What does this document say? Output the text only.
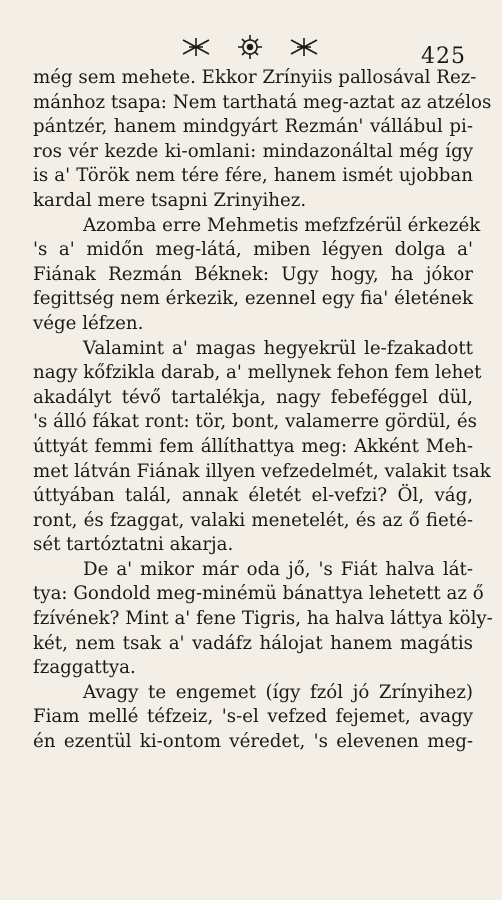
425
még sem mehete. Ekkor Zrínyiis pallosával Rez-
mánhoz tsapa: Nem tarthatá meg-aztat az atzélos
pántzér, hanem mindgyárt Rezmán' vállábul pi-
ros vér kezde ki-omlani: mindazonáltal még így
is a' Török nem tére fére, hanem ismét ujobban
kardal mere tsapni Zrinyihez.
Azomba erre Mehmetis mefzfzérül érkezék
's a' midőn meg-látá, miben légyen dolga a'
Fiának Rezmán Béknek: Ugy hogy, ha jókor
fegittség nem érkezik, ezennel egy fia' életének
vége léfzen.
Valamint a' magas hegyekrül le-fzakadott
nagy kőfzikla darab, a' mellynek fehon fem lehet
akadályt tévő tartalékja, nagy febeféggel dül,
's álló fákat ront: tör, bont, valamerre gördül, és
úttyát femmi fem állíthattya meg: Akként Meh-
met látván Fiának illyen vefzedelmét, valakit tsak
úttyában talál, annak életét el-vefzi? Öl, vág,
ront, és fzaggat, valaki menetelét, és az ő fieté-
sét tartóztatni akarja.
De a' mikor már oda jő, 's Fiát halva lát-
tya: Gondold meg-minémü bánattya lehetett az ő
fzívének? Mint a' fene Tigris, ha halva láttya köly-
két, nem tsak a' vadáfz hálojat hanem magátis
fzaggattya.
Avagy te engemet (így fzól jó Zrínyihez)
Fiam mellé téfzeiz, 's-el vefzed fejemet, avagy
én ezentül ki-ontom véredet, 's elevenen meg-
